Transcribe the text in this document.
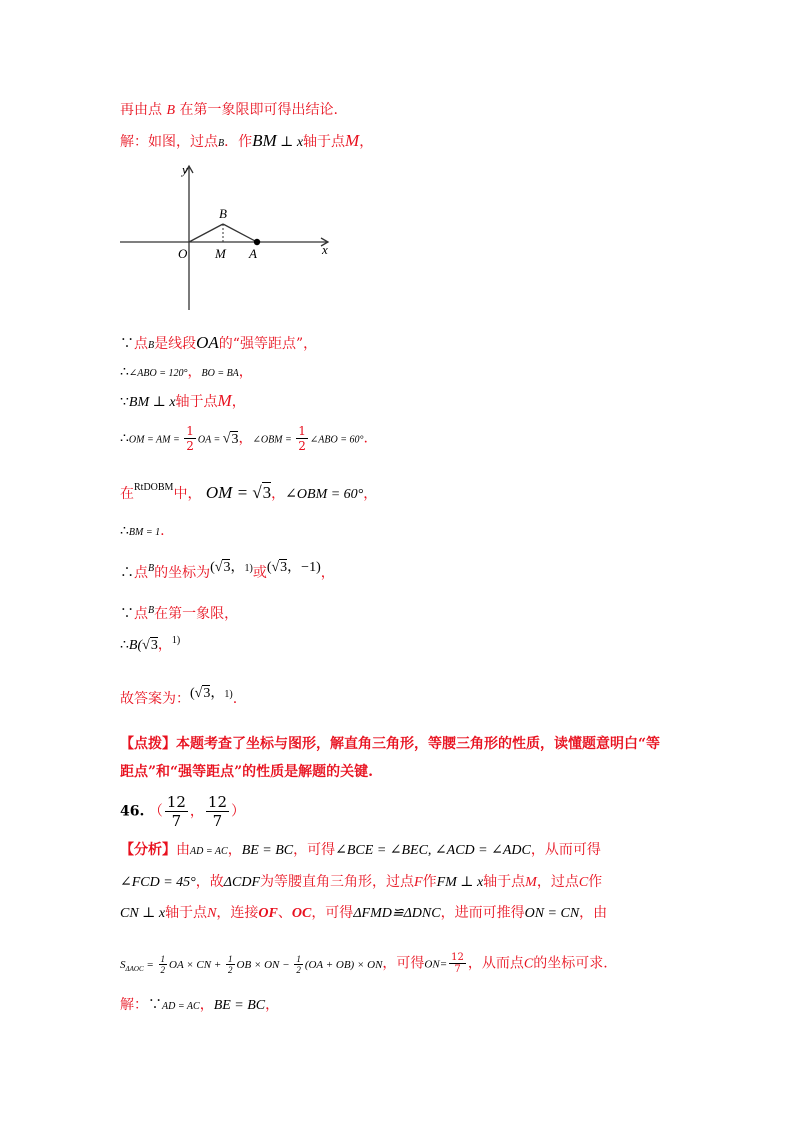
再由点 B 在第一象限即可得出结论.
解：如图，过点B．作BM ⊥ x轴于点M，
y
x
O
B
M A
∵点B是线段OA的“强等距点”，
∴∠ABO = 120°，BO = BA，
∵BM ⊥ x轴于点M，
∴OM = AM = $\frac{1}{2}$ OA = √3，∠OBM = $\frac{1}{2}$ ∠ABO = 60°.
在$^{RtDOBM}$中， OM = √3，∠OBM = 60°，
∴BM = 1.
∴点$^B$的坐标为(√3，1)或(√3，−1)，
∵点$^B$在第一象限，
∴B(√3，$^{1)}$
故答案为：(√3，1).
【点拨】本题考查了坐标与图形，解直角三角形，等腰三角形的性质，读懂题意明白“等
距点”和“强等距点”的性质是解题的关键.
46. （ $\frac{12}{7}$ ， $\frac{12}{7}$ ）
【分析】由AD = AC，BE = BC，可得∠BCE = ∠BEC, ∠ACD = ∠ADC，从而可得
∠FCD = 45°，故ΔCDF为等腰直角三角形，过点F作FM ⊥ x轴于点M，过点C作
CN ⊥ x轴于点N，连接OF、OC，可得ΔFMD≌ΔDNC，进而可推得ON = CN，由
$S_{\Delta AOC} = \frac{1}{2}$ OA × CN + $\frac{1}{2}$ OB × ON − $\frac{1}{2} (OA + OB)$ × ON，可得$ON= \frac{12}{7}$ ，从而点C的坐标可求.
解：∵AD = AC，BE = BC，
